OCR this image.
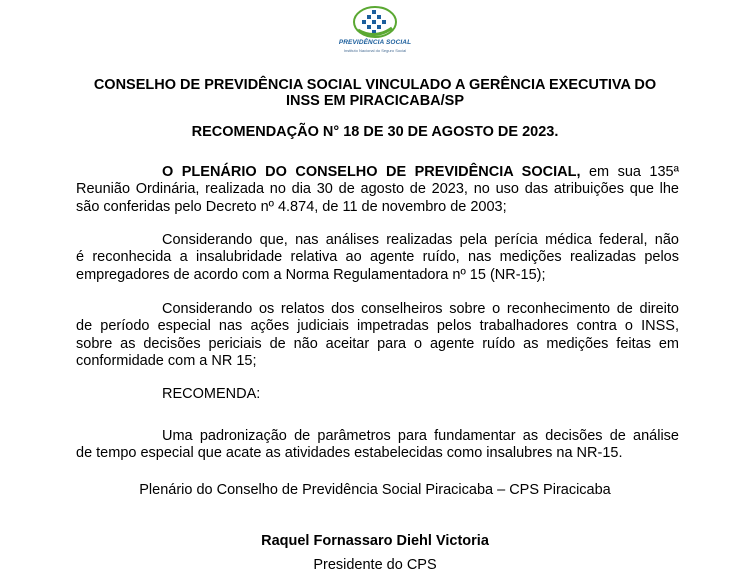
PREVIDÊNCIA SOCIAL
Instituto Nacional do Seguro Social
CONSELHO DE PREVIDÊNCIA SOCIAL VINCULADO A GERÊNCIA EXECUTIVA DO
INSS EM PIRACICABA/SP
RECOMENDAÇÃO N° 18 DE 30 DE AGOSTO DE 2023.
O PLENÁRIO DO CONSELHO DE PREVIDÊNCIA SOCIAL, em sua 135ª
Reunião Ordinária, realizada no dia 30 de agosto de 2023, no uso das atribuições que lhe
são conferidas pelo Decreto nº 4.874, de 11 de novembro de 2003;
Considerando que, nas análises realizadas pela perícia médica federal, não
é reconhecida a insalubridade relativa ao agente ruído, nas medições realizadas pelos
empregadores de acordo com a Norma Regulamentadora nº 15 (NR-15);
Considerando os relatos dos conselheiros sobre o reconhecimento de direito
de período especial nas ações judiciais impetradas pelos trabalhadores contra o INSS,
sobre as decisões periciais de não aceitar para o agente ruído as medições feitas em
conformidade com a NR 15;
RECOMENDA:
Uma padronização de parâmetros para fundamentar as decisões de análise
de tempo especial que acate as atividades estabelecidas como insalubres na NR-15.
Plenário do Conselho de Previdência Social Piracicaba – CPS Piracicaba
Raquel Fornassaro Diehl Victoria
Presidente do CPS
